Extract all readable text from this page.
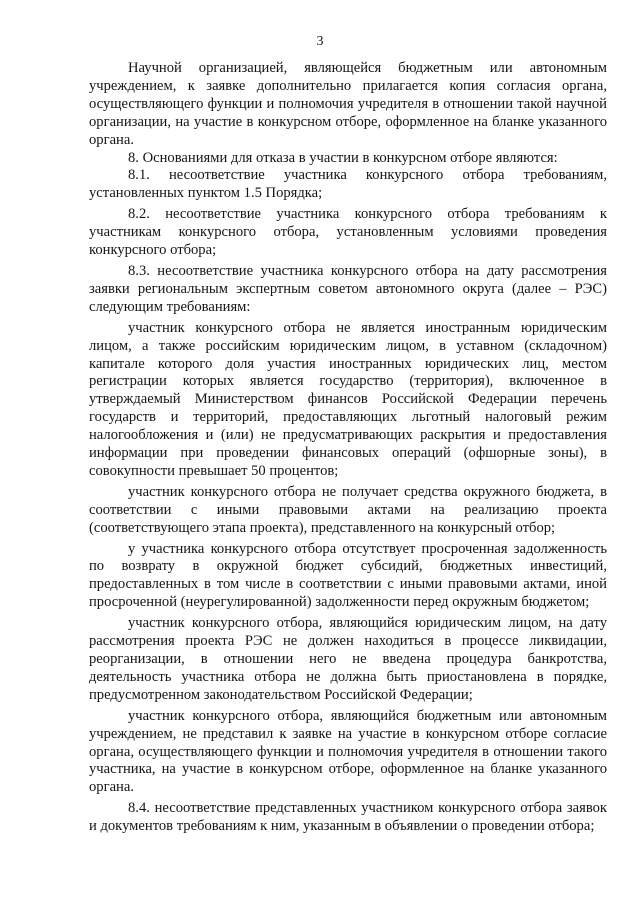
3

Научной организацией, являющейся бюджетным или автономным учреждением, к заявке дополнительно прилагается копия согласия органа, осуществляющего функции и полномочия учредителя в отношении такой научной организации, на участие в конкурсном отборе, оформленное на бланке указанного органа.

8. Основаниями для отказа в участии в конкурсном отборе являются:

8.1. несоответствие участника конкурсного отбора требованиям, установленных пунктом 1.5 Порядка;

8.2. несоответствие участника конкурсного отбора требованиям к участникам конкурсного отбора, установленным условиями проведения конкурсного отбора;

8.3. несоответствие участника конкурсного отбора на дату рассмотрения заявки региональным экспертным советом автономного округа (далее – РЭС) следующим требованиям:

участник конкурсного отбора не является иностранным юридическим лицом, а также российским юридическим лицом, в уставном (складочном) капитале которого доля участия иностранных юридических лиц, местом регистрации которых является государство (территория), включенное в утверждаемый Министерством финансов Российской Федерации перечень государств и территорий, предоставляющих льготный налоговый режим налогообложения и (или) не предусматривающих раскрытия и предоставления информации при проведении финансовых операций (офшорные зоны), в совокупности превышает 50 процентов;

участник конкурсного отбора не получает средства окружного бюджета, в соответствии с иными правовыми актами на реализацию проекта (соответствующего этапа проекта), представленного на конкурсный отбор;

у участника конкурсного отбора отсутствует просроченная задолженность по возврату в окружной бюджет субсидий, бюджетных инвестиций, предоставленных в том числе в соответствии с иными правовыми актами, иной просроченной (неурегулированной) задолженности перед окружным бюджетом;

участник конкурсного отбора, являющийся юридическим лицом, на дату рассмотрения проекта РЭС не должен находиться в процессе ликвидации, реорганизации, в отношении него не введена процедура банкротства, деятельность участника отбора не должна быть приостановлена в порядке, предусмотренном законодательством Российской Федерации;

участник конкурсного отбора, являющийся бюджетным или автономным учреждением, не представил к заявке на участие в конкурсном отборе согласие органа, осуществляющего функции и полномочия учредителя в отношении такого участника, на участие в конкурсном отборе, оформленное на бланке указанного органа.

8.4. несоответствие представленных участником конкурсного отбора заявок и документов требованиям к ним, указанным в объявлении о проведении отбора;
